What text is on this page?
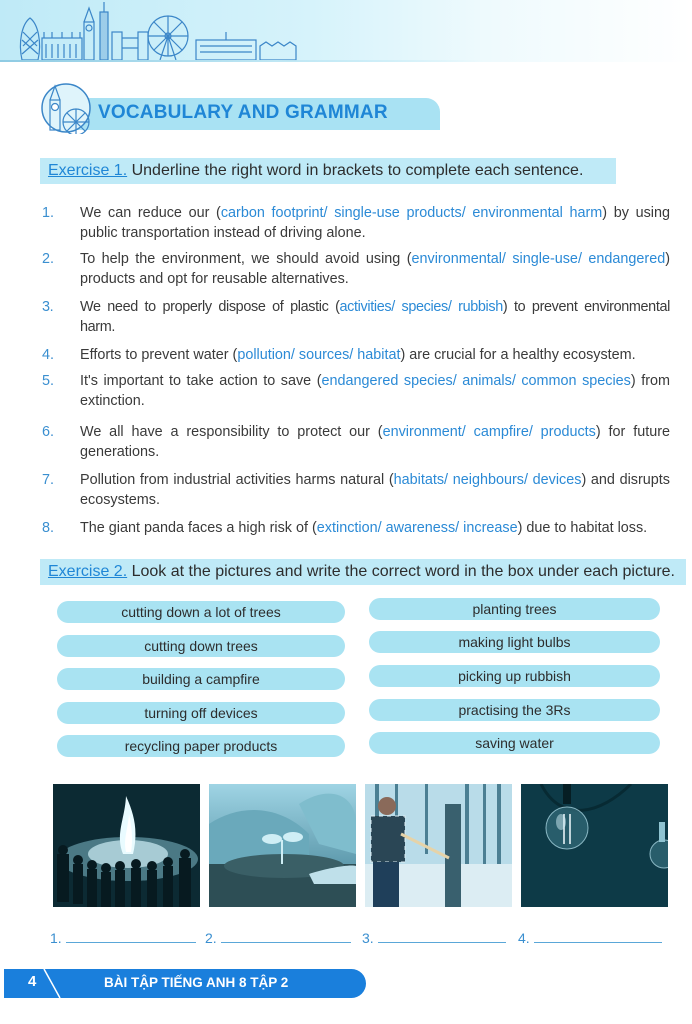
VOCABULARY AND GRAMMAR
Exercise 1. Underline the right word in brackets to complete each sentence.
1.	We can reduce our (carbon footprint/ single-use products/ environmental harm) by using public transportation instead of driving alone.
2.	To help the environment, we should avoid using (environmental/ single-use/ endangered) products and opt for reusable alternatives.
3.	We need to properly dispose of plastic (activities/ species/ rubbish) to prevent environmental harm.
4.	Efforts to prevent water (pollution/ sources/ habitat) are crucial for a healthy ecosystem.
5.	It's important to take action to save (endangered species/ animals/ common species) from extinction.
6.	We all have a responsibility to protect our (environment/ campfire/ products) for future generations.
7.	Pollution from industrial activities harms natural (habitats/ neighbours/ devices) and disrupts ecosystems.
8.	The giant panda faces a high risk of (extinction/ awareness/ increase) due to habitat loss.
Exercise 2. Look at the pictures and write the correct word in the box under each picture.
cutting down a lot of trees
cutting down trees
building a campfire
turning off devices
recycling paper products
planting trees
making light bulbs
picking up rubbish
practising the 3Rs
saving water
1.	2.	3.	4.
4	BÀI TẬP TIẾNG ANH 8 TẬP 2
